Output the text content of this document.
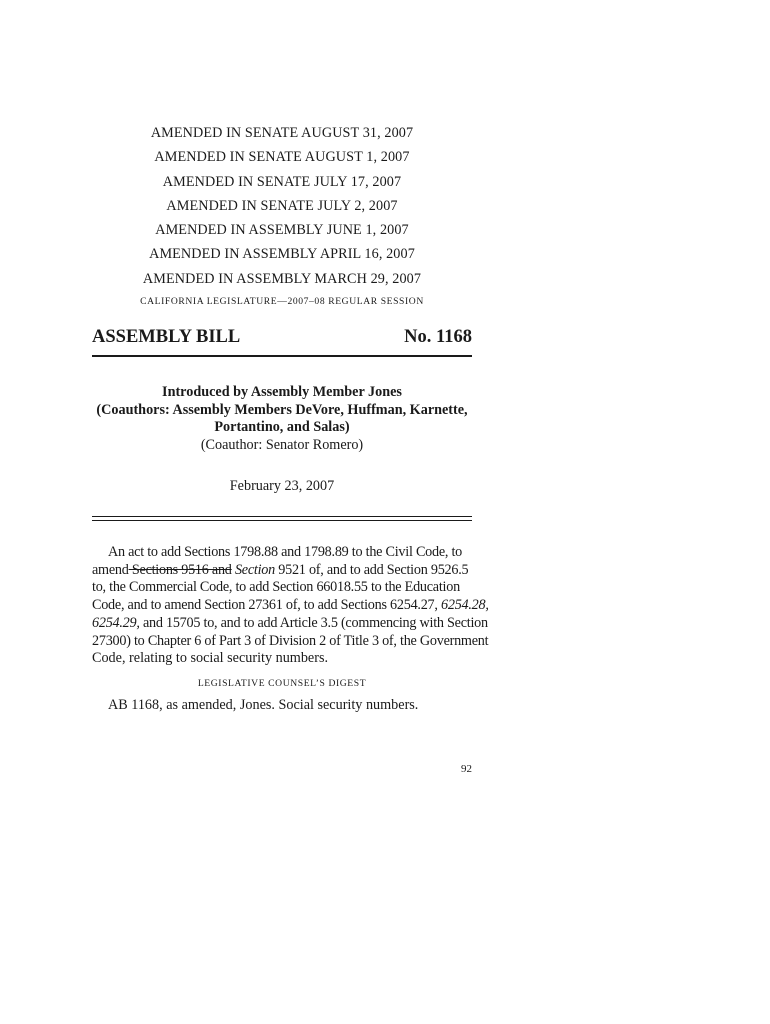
AMENDED IN SENATE AUGUST 31, 2007
AMENDED IN SENATE AUGUST 1, 2007
AMENDED IN SENATE JULY 17, 2007
AMENDED IN SENATE JULY 2, 2007
AMENDED IN ASSEMBLY JUNE 1, 2007
AMENDED IN ASSEMBLY APRIL 16, 2007
AMENDED IN ASSEMBLY MARCH 29, 2007
CALIFORNIA LEGISLATURE—2007–08 REGULAR SESSION
ASSEMBLY BILL	No. 1168
Introduced by Assembly Member Jones
(Coauthors: Assembly Members DeVore, Huffman, Karnette,
Portantino, and Salas)
(Coauthor: Senator Romero)
February 23, 2007
An act to add Sections 1798.88 and 1798.89 to the Civil Code, to
amend Sections 9516 and Section 9521 of, and to add Section 9526.5
to, the Commercial Code, to add Section 66018.55 to the Education
Code, and to amend Section 27361 of, to add Sections 6254.27, 6254.28,
6254.29, and 15705 to, and to add Article 3.5 (commencing with Section
27300) to Chapter 6 of Part 3 of Division 2 of Title 3 of, the Government
Code, relating to social security numbers.
LEGISLATIVE COUNSEL’S DIGEST
AB 1168, as amended, Jones. Social security numbers.
92
